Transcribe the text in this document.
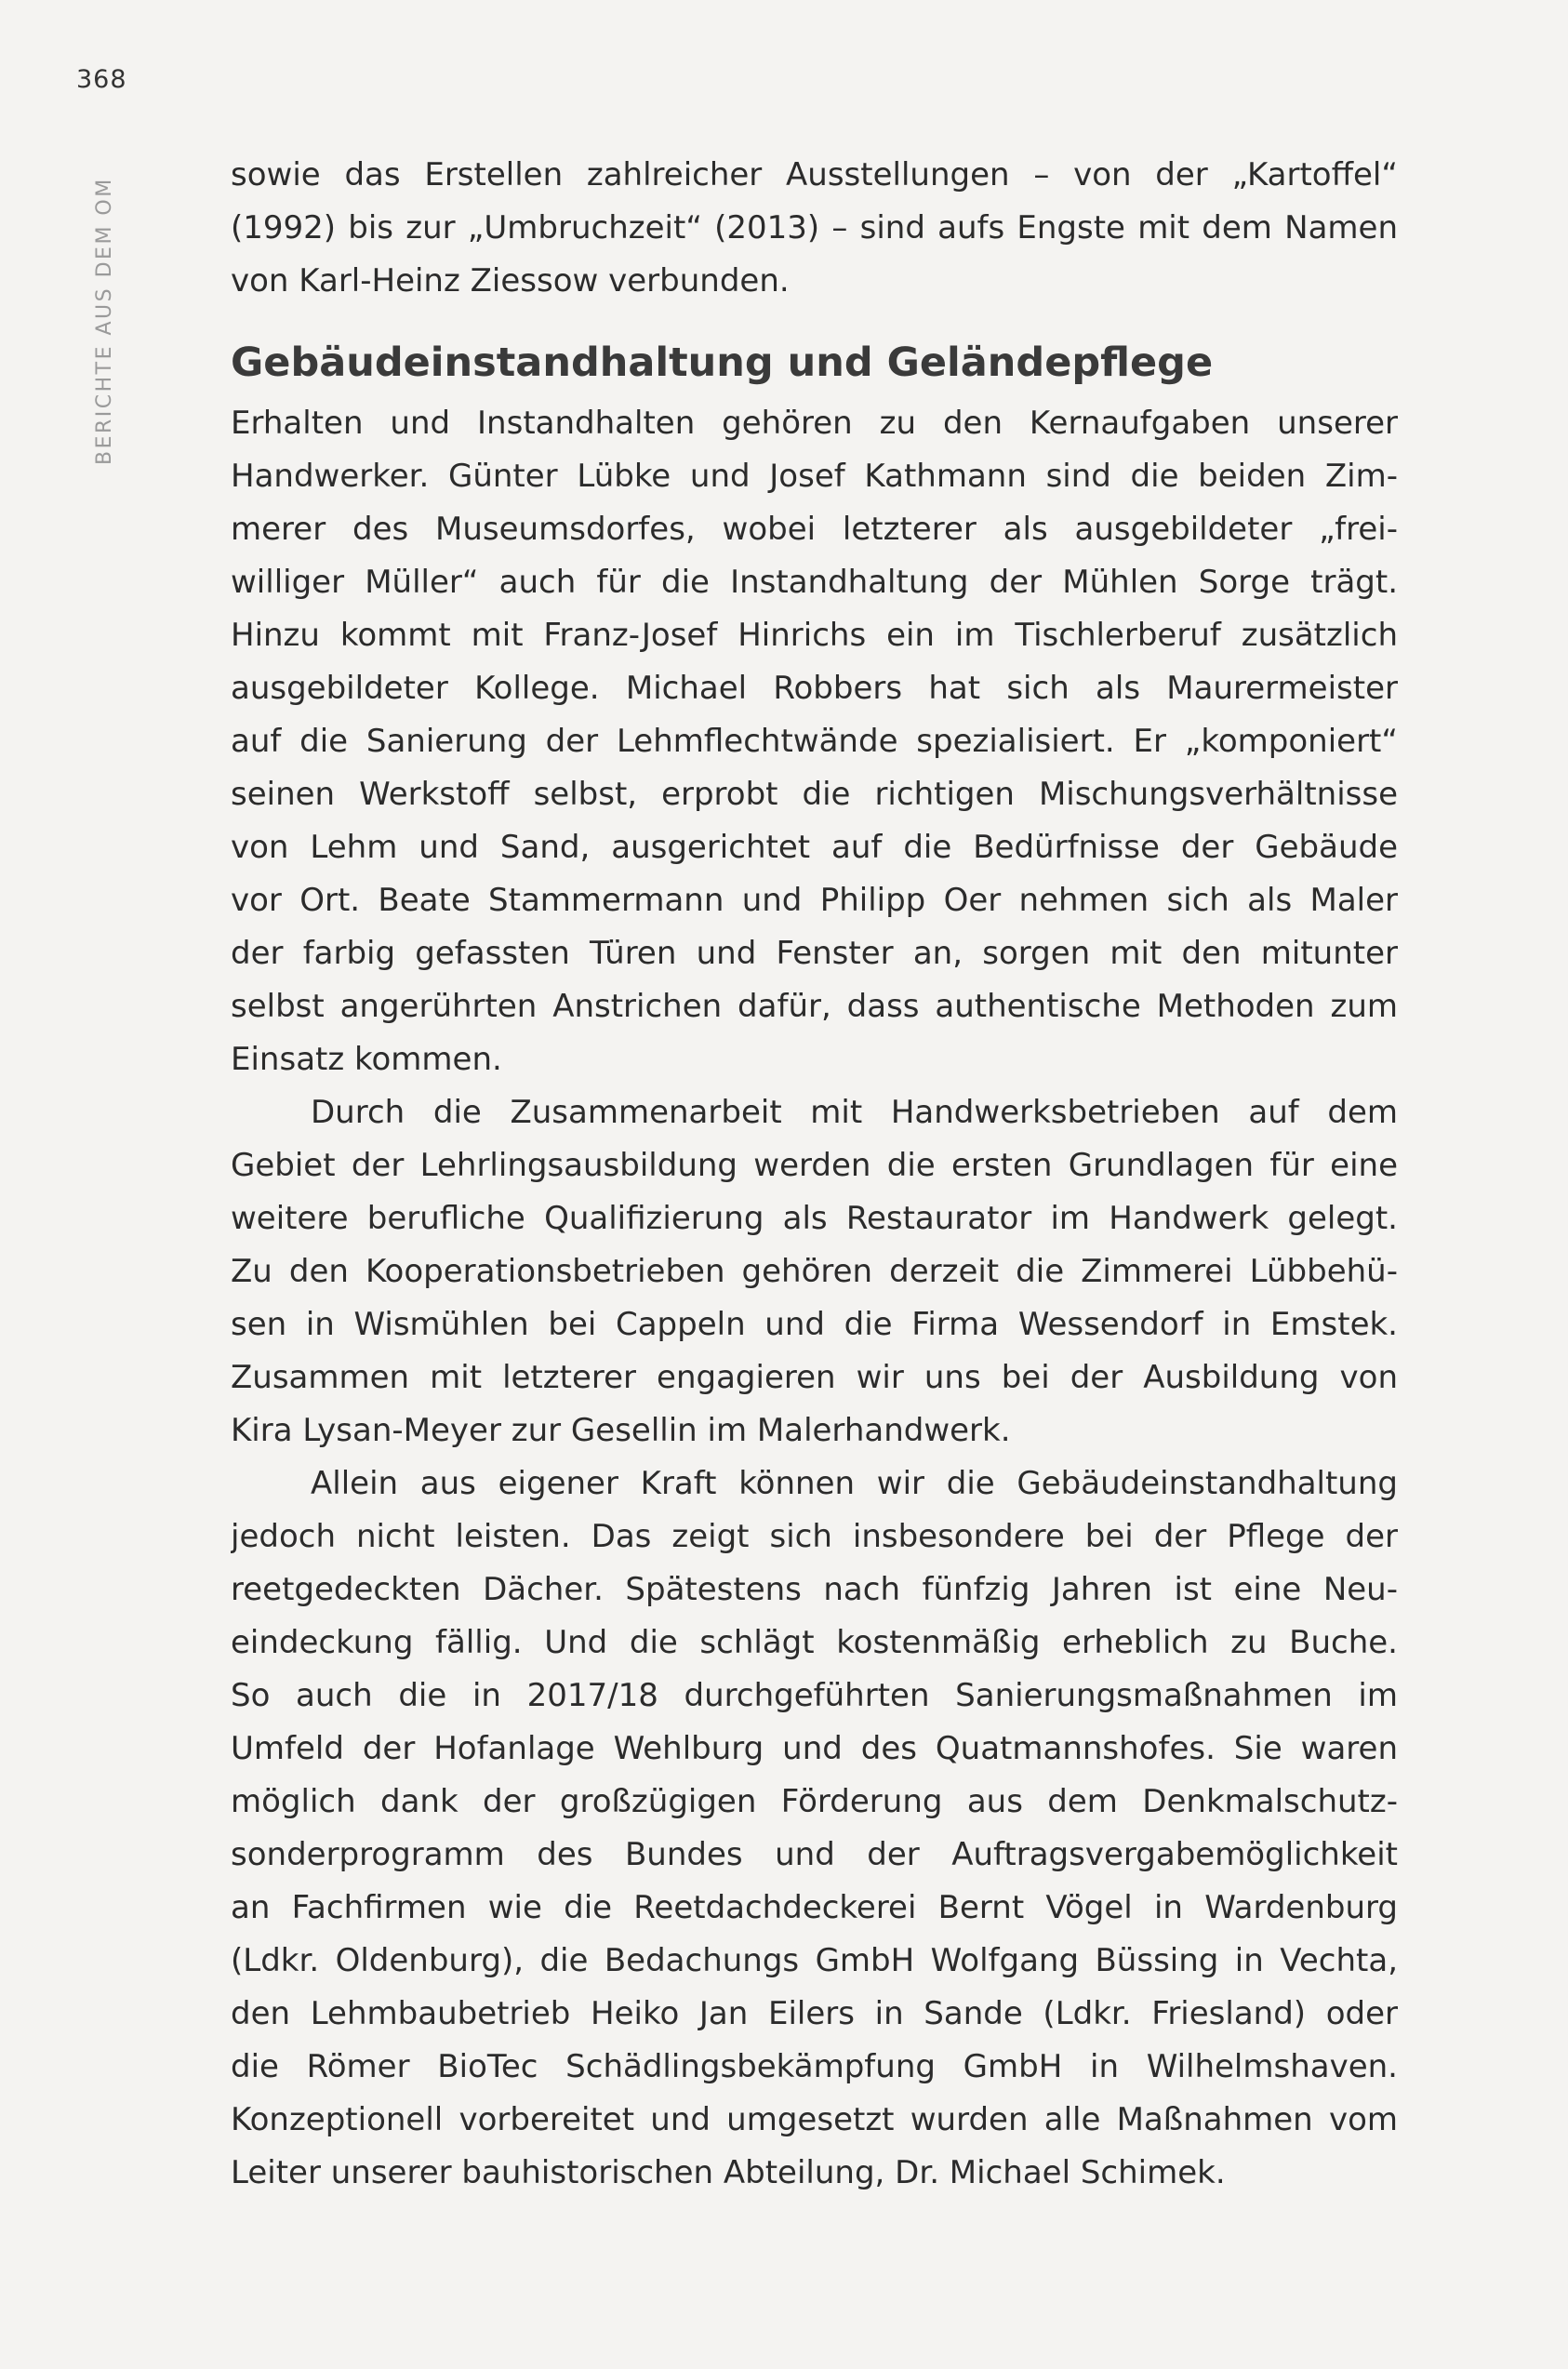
368
BERICHTE AUS DEM OM

sowie das Erstellen zahlreicher Ausstellungen – von der „Kartoffel“
(1992) bis zur „Umbruchzeit“ (2013) – sind aufs Engste mit dem Namen
von Karl-Heinz Ziessow verbunden.

Gebäudeinstandhaltung und Geländepflege

Erhalten und Instandhalten gehören zu den Kernaufgaben unserer
Handwerker. Günter Lübke und Josef Kathmann sind die beiden Zim-
merer des Museumsdorfes, wobei letzterer als ausgebildeter „frei-
williger Müller“ auch für die Instandhaltung der Mühlen Sorge trägt.
Hinzu kommt mit Franz-Josef Hinrichs ein im Tischlerberuf zusätzlich
ausgebildeter Kollege. Michael Robbers hat sich als Maurermeister
auf die Sanierung der Lehmflechtwände spezialisiert. Er „komponiert“
seinen Werkstoff selbst, erprobt die richtigen Mischungsverhältnisse
von Lehm und Sand, ausgerichtet auf die Bedürfnisse der Gebäude
vor Ort. Beate Stammermann und Philipp Oer nehmen sich als Maler
der farbig gefassten Türen und Fenster an, sorgen mit den mitunter
selbst angerührten Anstrichen dafür, dass authentische Methoden zum
Einsatz kommen.

Durch die Zusammenarbeit mit Handwerksbetrieben auf dem
Gebiet der Lehrlingsausbildung werden die ersten Grundlagen für eine
weitere berufliche Qualifizierung als Restaurator im Handwerk gelegt.
Zu den Kooperationsbetrieben gehören derzeit die Zimmerei Lübbehü-
sen in Wismühlen bei Cappeln und die Firma Wessendorf in Emstek.
Zusammen mit letzterer engagieren wir uns bei der Ausbildung von
Kira Lysan-Meyer zur Gesellin im Malerhandwerk.

Allein aus eigener Kraft können wir die Gebäudeinstandhaltung
jedoch nicht leisten. Das zeigt sich insbesondere bei der Pflege der
reetgedeckten Dächer. Spätestens nach fünfzig Jahren ist eine Neu-
eindeckung fällig. Und die schlägt kostenmäßig erheblich zu Buche.
So auch die in 2017/18 durchgeführten Sanierungsmaßnahmen im
Umfeld der Hofanlage Wehlburg und des Quatmannshofes. Sie waren
möglich dank der großzügigen Förderung aus dem Denkmalschutz-
sonderprogramm des Bundes und der Auftragsvergabemöglichkeit
an Fachfirmen wie die Reetdachdeckerei Bernt Vögel in Wardenburg
(Ldkr. Oldenburg), die Bedachungs GmbH Wolfgang Büssing in Vechta,
den Lehmbaubetrieb Heiko Jan Eilers in Sande (Ldkr. Friesland) oder
die Römer BioTec Schädlingsbekämpfung GmbH in Wilhelmshaven.
Konzeptionell vorbereitet und umgesetzt wurden alle Maßnahmen vom
Leiter unserer bauhistorischen Abteilung, Dr. Michael Schimek.
